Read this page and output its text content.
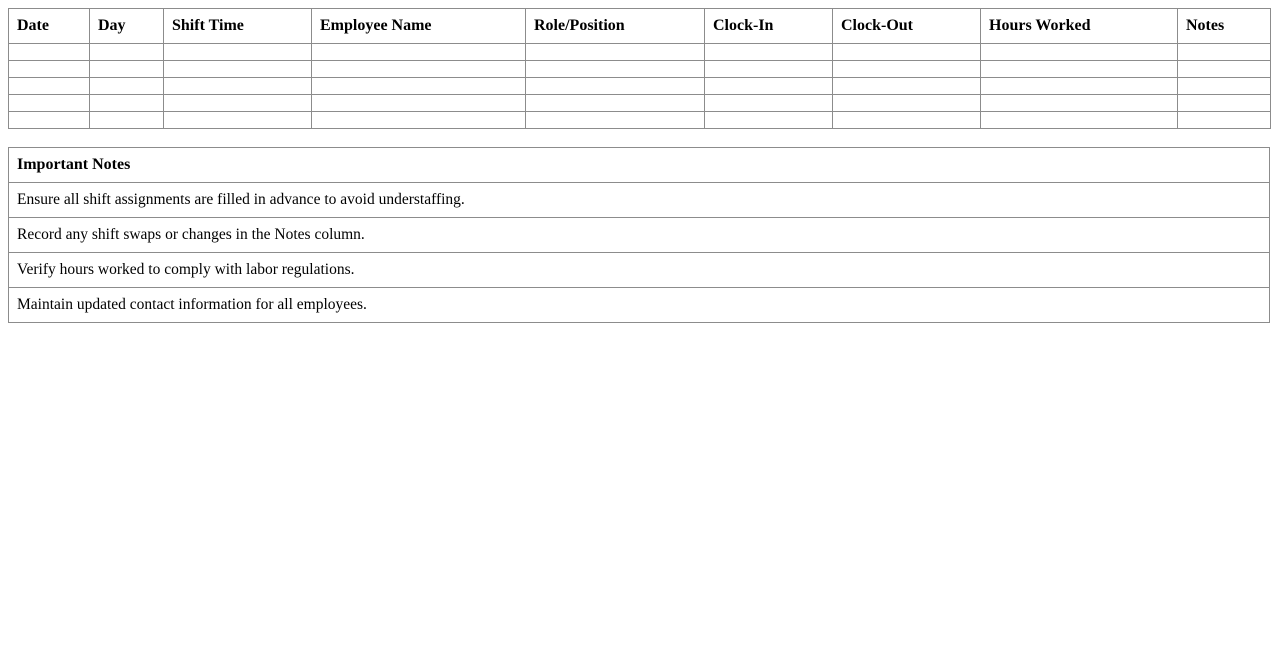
Date	Day	Shift Time	Employee Name	Role/Position	Clock-In	Clock-Out	Hours Worked	Notes

Important Notes
Ensure all shift assignments are filled in advance to avoid understaffing.
Record any shift swaps or changes in the Notes column.
Verify hours worked to comply with labor regulations.
Maintain updated contact information for all employees.
